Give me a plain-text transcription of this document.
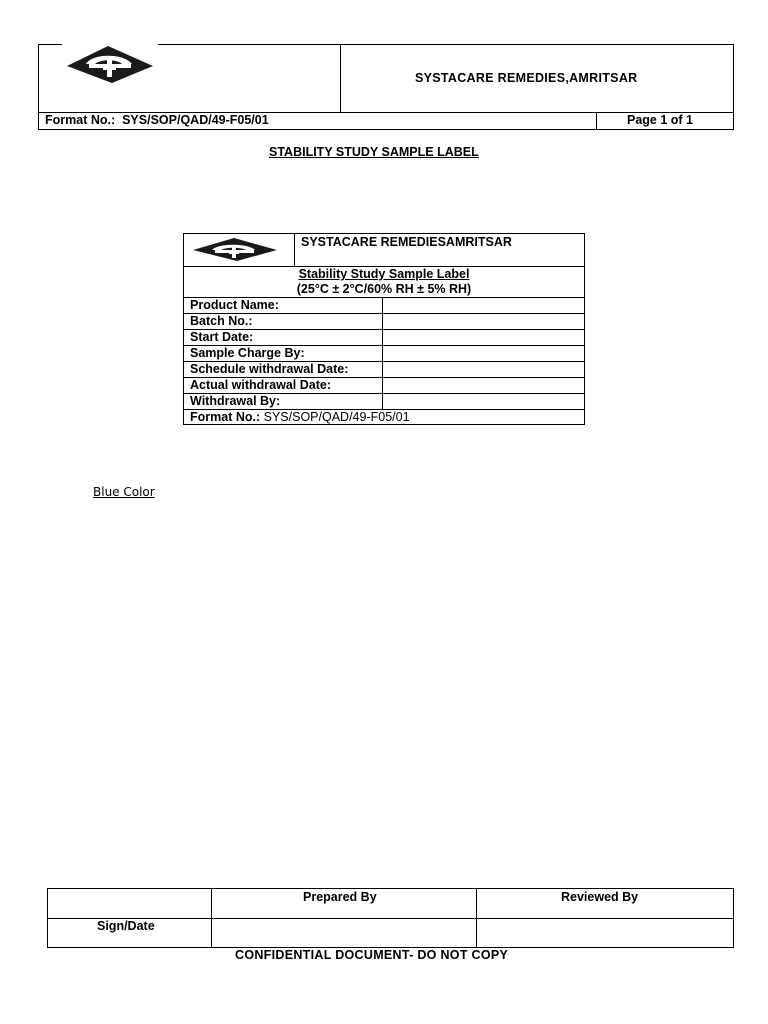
SYSTACARE REMEDIES,AMRITSAR
Format No.: SYS/SOP/QAD/49-F05/01	Page 1 of 1
STABILITY STUDY SAMPLE LABEL
SYSTACARE REMEDIESAMRITSAR
Stability Study Sample Label
(25°C ± 2°C/60% RH ± 5% RH)
Product Name:
Batch No.:
Start Date:
Sample Charge By:
Schedule withdrawal Date:
Actual withdrawal Date:
Withdrawal By:
Format No.: SYS/SOP/QAD/49-F05/01
Blue Color
Prepared By	Reviewed By
Sign/Date
CONFIDENTIAL DOCUMENT- DO NOT COPY
